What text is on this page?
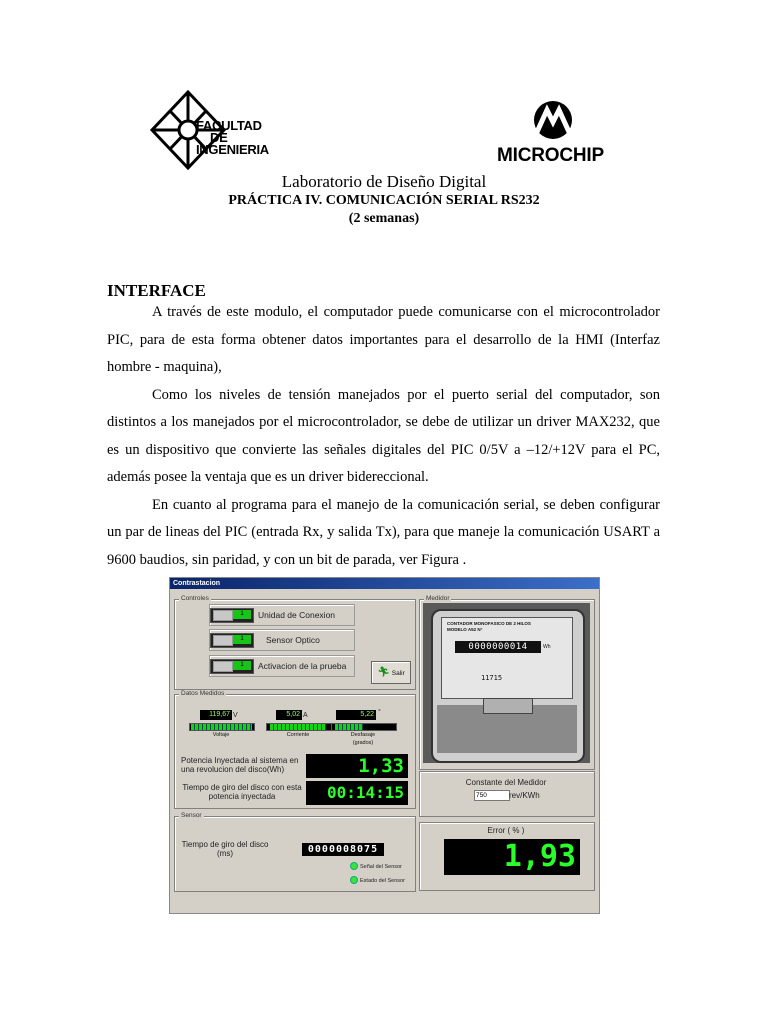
FACULTAD
DE
INGENIERIA	MICROCHIP
Laboratorio de Diseño Digital
PRÁCTICA IV. COMUNICACIÓN SERIAL RS232
(2 semanas)
INTERFACE

A través de este modulo, el computador puede comunicarse con el microcontrolador PIC, para de esta forma obtener datos importantes para el desarrollo de la HMI (Interfaz hombre - maquina),

Como los niveles de tensión manejados por el puerto serial del computador, son distintos a los manejados por el microcontrolador, se debe de utilizar un driver MAX232, que es un dispositivo que convierte las señales digitales del PIC 0/5V a –12/+12V para el PC, además posee la ventaja que es un driver bidereccional.

En cuanto al programa para el manejo de la comunicación serial, se deben configurar un par de lineas del PIC (entrada Rx, y salida Tx), para que maneje la comunicación USART a 9600 baudios, sin paridad, y con un bit de parada, ver Figura .

Contrastacion
Controles
1	Unidad de Conexion
1	Sensor Optico
1	Activacion de la prueba
🏃︎ Salir
Datos Medidos
119,67 V
Voltaje
5,02 A
Corriente
5,22 °
Desfasaje
(grados)
Potencia Inyectada al sistema en una revolucion del disco(Wh)	1,33
Tiempo de giro del disco con esta potencia inyectada	00:14:15
Sensor
Tiempo de giro del disco (ms)	0000008075
Señal del Sensor
Estado del Sensor
Medidor
CONTADOR MONOFASICO DE 2 HILOS
MODELO A52 N°
0000000014	Wh
11715
Constante del Medidor
750
rev/KWh
Error ( % )
1,93
